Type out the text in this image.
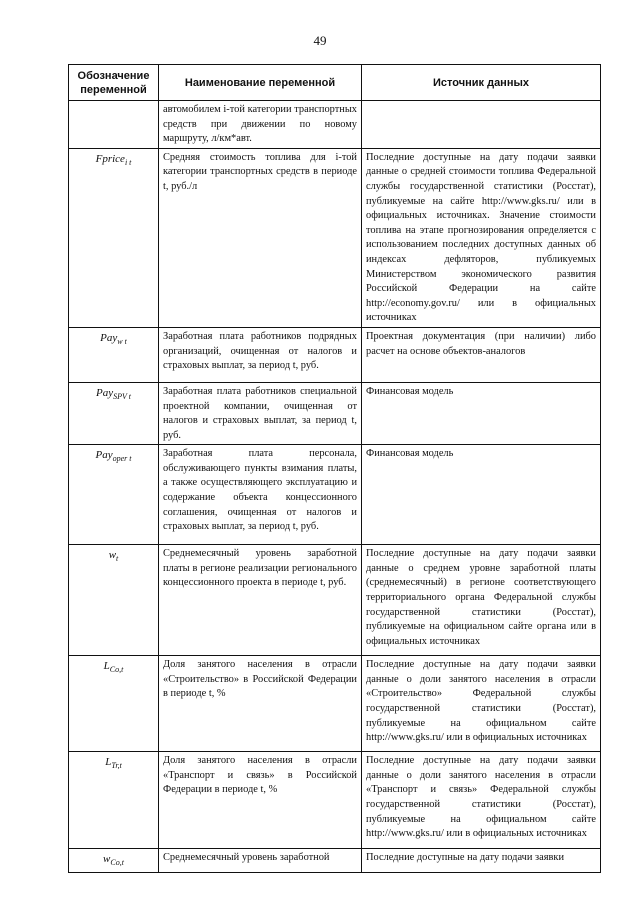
49
Обозначение переменной	Наименование переменной	Источник данных
	автомобилем i-той категории транспортных средств при движении по новому маршруту, л/км*авт.	
Fprice$_{i t}$	Средняя стоимость топлива для i-той категории транспортных средств в периоде t, руб./л	Последние доступные на дату подачи заявки данные о средней стоимости топлива Федеральной службы государственной статистики (Росстат), публикуемые на сайте http://www.gks.ru/ или в официальных источниках. Значение стоимости топлива на этапе прогнозирования определяется с использованием последних доступных данных об индексах дефляторов, публикуемых Министерством экономического развития Российской Федерации на сайте http://economy.gov.ru/ или в официальных источниках
Pay$_{w t}$	Заработная плата работников подрядных организаций, очищенная от налогов и страховых выплат, за период t, руб.	Проектная документация (при наличии) либо расчет на основе объектов-аналогов
Pay$_{SPV t}$	Заработная плата работников специальной проектной компании, очищенная от налогов и страховых выплат, за период t, руб.	Финансовая модель
Pay$_{oper t}$	Заработная плата персонала, обслуживающего пункты взимания платы, а также осуществляющего эксплуатацию и содержание объекта концессионного соглашения, очищенная от налогов и страховых выплат, за период t, руб.	Финансовая модель
$w_t$	Среднемесячный уровень заработной платы в регионе реализации регионального концессионного проекта в периоде t, руб.	Последние доступные на дату подачи заявки данные о среднем уровне заработной платы (среднемесячный) в регионе соответствующего территориального органа Федеральной службы государственной статистики (Росстат), публикуемые на официальном сайте органа или в официальных источниках
$L_{Co,t}$	Доля занятого населения в отрасли «Строительство» в Российской Федерации в периоде t, %	Последние доступные на дату подачи заявки данные о доли занятого населения в отрасли «Строительство» Федеральной службы государственной статистики (Росстат), публикуемые на официальном сайте http://www.gks.ru/ или в официальных источниках
$L_{Tr,t}$	Доля занятого населения в отрасли «Транспорт и связь» в Российской Федерации в периоде t, %	Последние доступные на дату подачи заявки данные о доли занятого населения в отрасли «Транспорт и связь» Федеральной службы государственной статистики (Росстат), публикуемые на официальном сайте http://www.gks.ru/ или в официальных источниках
$w_{Co,t}$	Среднемесячный уровень заработной	Последние доступные на дату подачи заявки
